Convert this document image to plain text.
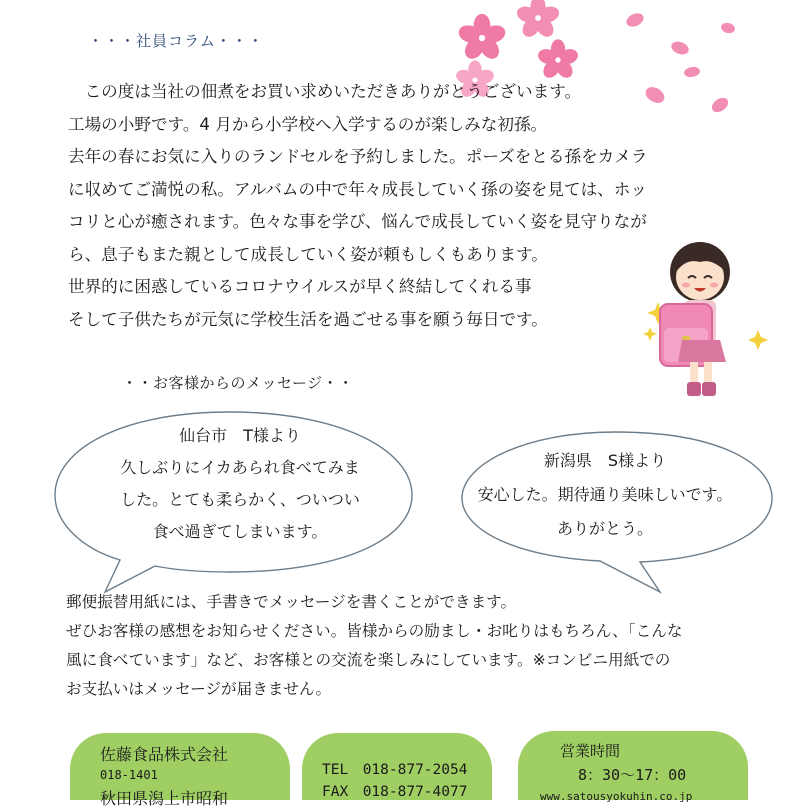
・・・社員コラム・・・
　この度は当社の佃煮をお買い求めいただきありがとうございます。
工場の小野です。4 月から小学校へ入学するのが楽しみな初孫。
去年の春にお気に入りのランドセルを予約しました。ポーズをとる孫をカメラ
に収めてご満悦の私。アルバムの中で年々成長していく孫の姿を見ては、ホッ
コリと心が癒されます。色々な事を学び、悩んで成長していく姿を見守りなが
ら、息子もまた親として成長していく姿が頼もしくもあります。
世界的に困惑しているコロナウイルスが早く終結してくれる事
そして子供たちが元気に学校生活を過ごせる事を願う毎日です。
・・お客様からのメッセージ・・
仙台市　T様より
久しぶりにイカあられ食べてみま
した。とても柔らかく、ついつい
食べ過ぎてしまいます。
新潟県　S様より
安心した。期待通り美味しいです。
ありがとう。
郵便振替用紙には、手書きでメッセージを書くことができます。
ぜひお客様の感想をお知らせください。皆様からの励まし・お叱りはもちろん、「こんな
風に食べています」など、お客様との交流を楽しみにしています。※コンビニ用紙での
お支払いはメッセージが届きません。
佐藤食品株式会社
018-1401
秋田県潟上市昭和
TEL　018-877-2054
FAX　018-877-4077
営業時間
8：30～17：00
www.satousyokuhin.co.jp
